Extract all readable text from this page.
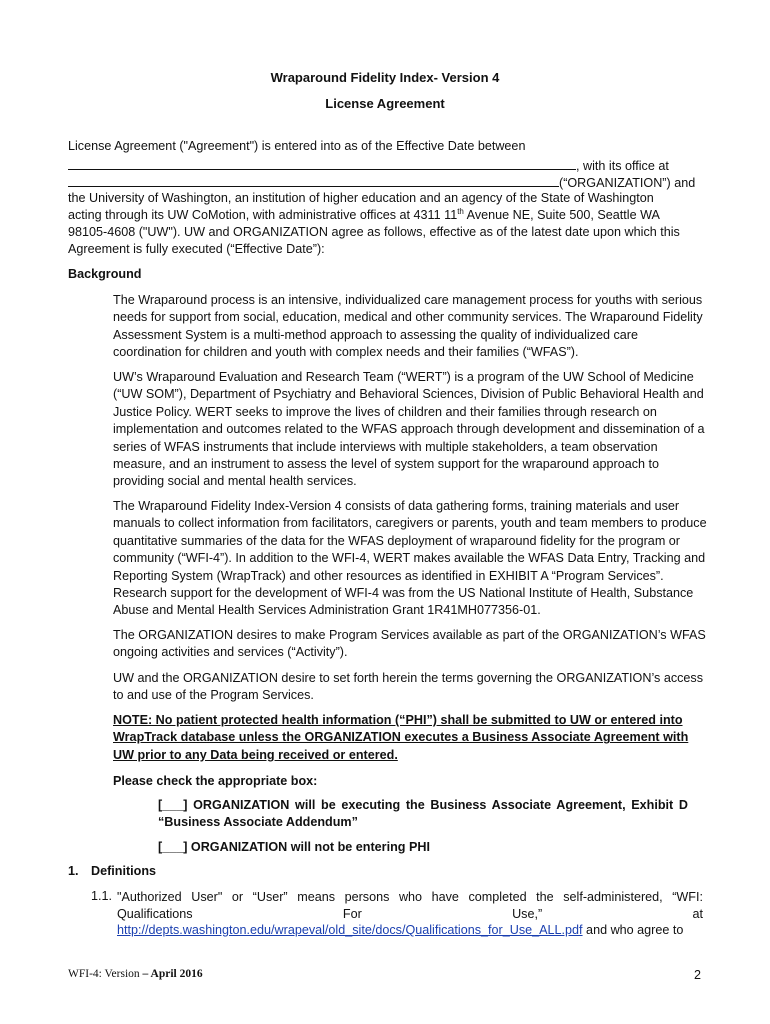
Wraparound Fidelity Index- Version 4
License Agreement
License Agreement ("Agreement") is entered into as of the Effective Date between
, with its office at
(“ORGANIZATION”) and
the University of Washington, an institution of higher education and an agency of the State of Washington
acting through its UW CoMotion, with administrative offices at 4311 11th Avenue NE, Suite 500, Seattle WA
98105-4608 ("UW"). UW and ORGANIZATION agree as follows, effective as of the latest date upon which this
Agreement is fully executed (“Effective Date”):
Background
The Wraparound process is an intensive, individualized care management process for youths with serious needs for support from social, education, medical and other community services. The Wraparound Fidelity Assessment System is a multi-method approach to assessing the quality of individualized care coordination for children and youth with complex needs and their families (“WFAS”).
UW’s Wraparound Evaluation and Research Team (“WERT”) is a program of the UW School of Medicine (“UW SOM”), Department of Psychiatry and Behavioral Sciences, Division of Public Behavioral Health and Justice Policy. WERT seeks to improve the lives of children and their families through research on implementation and outcomes related to the WFAS approach through development and dissemination of a series of WFAS instruments that include interviews with multiple stakeholders, a team observation measure, and an instrument to assess the level of system support for the wraparound approach to providing social and mental health services.
The Wraparound Fidelity Index-Version 4 consists of data gathering forms, training materials and user manuals to collect information from facilitators, caregivers or parents, youth and team members to produce quantitative summaries of the data for the WFAS deployment of wraparound fidelity for the program or community (“WFI-4”). In addition to the WFI-4, WERT makes available the WFAS Data Entry, Tracking and Reporting System (WrapTrack) and other resources as identified in EXHIBIT A “Program Services”. Research support for the development of WFI-4 was from the US National Institute of Health, Substance Abuse and Mental Health Services Administration Grant 1R41MH077356-01.
The ORGANIZATION desires to make Program Services available as part of the ORGANIZATION’s WFAS ongoing activities and services (“Activity”).
UW and the ORGANIZATION desire to set forth herein the terms governing the ORGANIZATION’s access to and use of the Program Services.
NOTE: No patient protected health information (“PHI”) shall be submitted to UW or entered into WrapTrack database unless the ORGANIZATION executes a Business Associate Agreement with UW prior to any Data being received or entered.
Please check the appropriate box:
[___] ORGANIZATION will be executing the Business Associate Agreement, Exhibit D “Business Associate Addendum”
[___] ORGANIZATION will not be entering PHI
1. Definitions
1.1. "Authorized User" or “User” means persons who have completed the self-administered, “WFI: Qualifications For Use,” at
http://depts.washington.edu/wrapeval/old_site/docs/Qualifications_for_Use_ALL.pdf and who agree to
WFI-4: Version – April 2016	2
